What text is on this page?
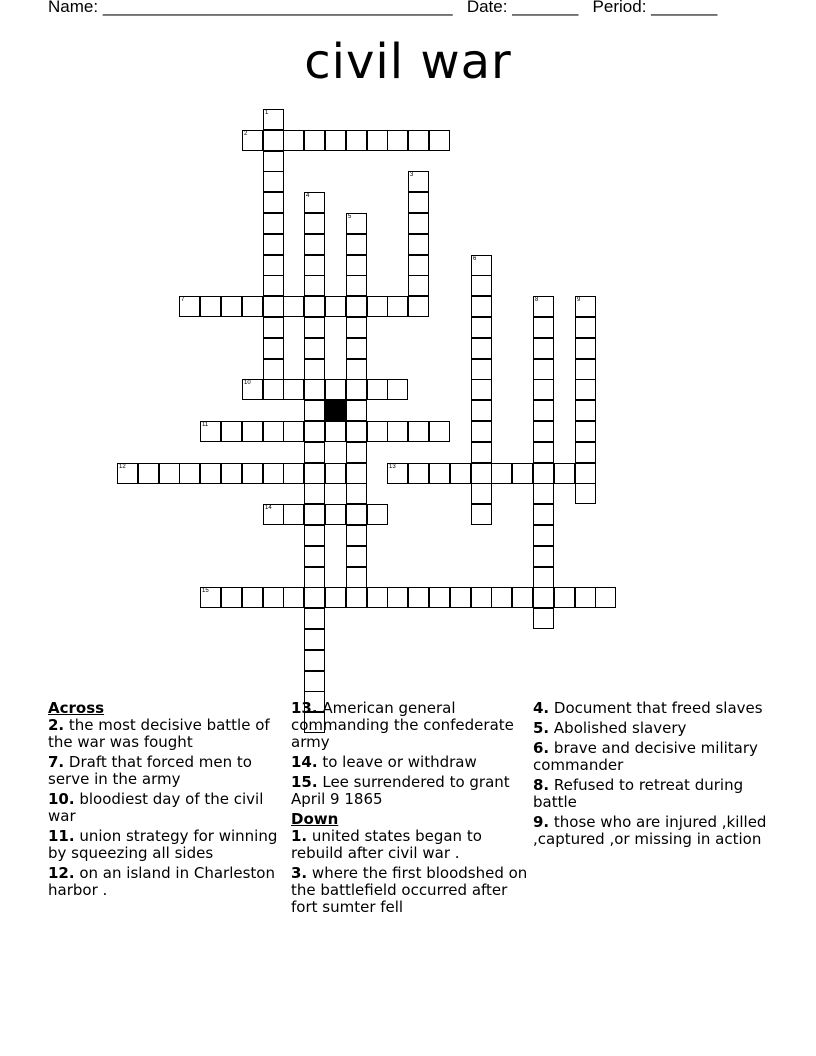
Name: _____________________________________ Date: _______ Period: _______
civil war
1
2
3
4
5
6
7	8	9
10
11
12	13
14
15
Across
2. the most decisive battle of the war was fought
7. Draft that forced men to serve in the army
10. bloodiest day of the civil war
11. union strategy for winning by squeezing all sides
12. on an island in Charleston harbor .
13. American general commanding the confederate army
14. to leave or withdraw
15. Lee surrendered to grant April 9 1865
Down
1. united states began to rebuild after civil war .
3. where the first bloodshed on the battlefield occurred after fort sumter fell
4. Document that freed slaves
5. Abolished slavery
6. brave and decisive military commander
8. Refused to retreat during battle
9. those who are injured ,killed ,captured ,or missing in action
